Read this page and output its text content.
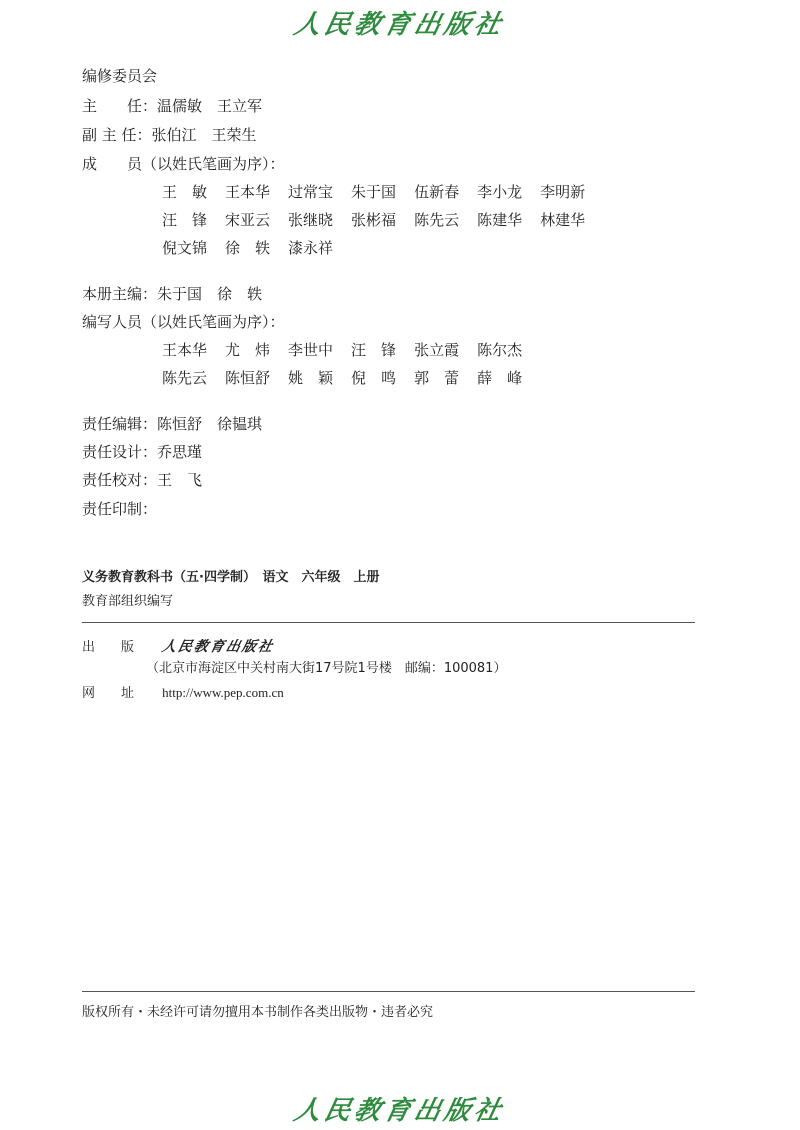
人民教育出版社
编修委员会
主　　任：温儒敏　王立军
副 主 任：张伯江　王荣生
成　　员（以姓氏笔画为序）：
王　敏 王本华 过常宝 朱于国 伍新春 李小龙 李明新
汪　锋 宋亚云 张继晓 张彬福 陈先云 陈建华 林建华
倪文锦 徐　轶 漆永祥
本册主编：朱于国　徐　轶
编写人员（以姓氏笔画为序）：
王本华 尤　炜 李世中 汪　锋 张立霞 陈尔杰
陈先云 陈恒舒 姚　颖 倪　鸣 郭　蕾 薛　峰
责任编辑：陈恒舒　徐韫琪
责任设计：乔思瑾
责任校对：王　飞
责任印制：
义务教育教科书（五·四学制）　语文　六年级　上册
教育部组织编写
出　　版 人民教育出版社
（北京市海淀区中关村南大街17号院1号楼　邮编：100081）
网　　址 http://www.pep.com.cn
版权所有・未经许可请勿擅用本书制作各类出版物・违者必究
人民教育出版社
